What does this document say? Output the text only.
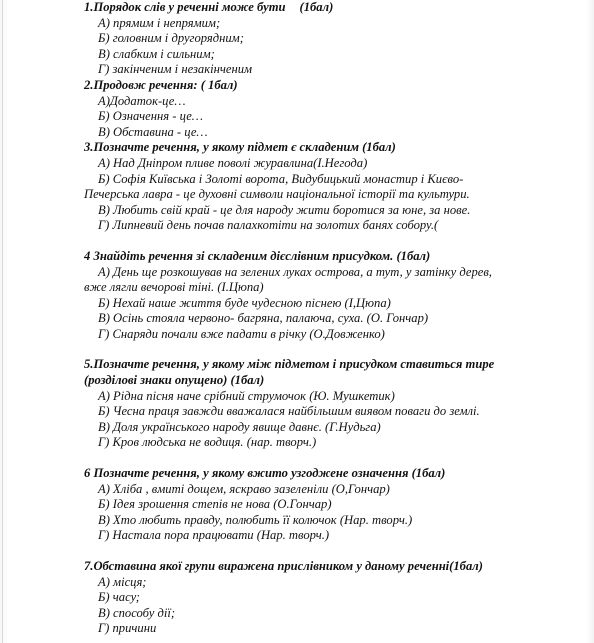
1.Порядок слів у реченні може бути (1бал)
А) прямим і непрямим;
Б) головним і другорядним;
В) слабким і сильним;
Г) закінченим і незакінченим
2.Продовж речення: ( 1бал)
А)Додаток-це…
Б) Означення - це…
В) Обставина - це…
3.Позначте речення, у якому підмет є складеним (1бал)
А) Над Дніпром пливе поволі журавлина(І.Негода)
Б) Софія Київська і Золоті ворота, Видубицький монастир і Києво-
Печерська лавра - це духовні символи національної історії та культури.
В) Любить свій край - це для народу жити боротися за юне, за нове.
Г) Липневий день почав палахкотіти на золотих банях собору.(
4 Знайдіть речення зі складеним дієслівним присудком. (1бал)
А) День ще розкошував на зелених луках острова, а тут, у затінку дерев,
вже лягли вечорові тіні. (І.Цюпа)
Б) Нехай наше життя буде чудесною піснею (І,Цюпа)
В) Осінь стояла червоно- багряна, палаюча, суха. (О. Гончар)
Г) Снаряди почали вже падати в річку (О.Довженко)
5.Позначте речення, у якому між підметом і присудком ставиться тире
(розділові знаки опущено) (1бал)
А) Рідна пісня наче срібний струмочок (Ю. Мушкетик)
Б) Чесна праця завжди вважалася найбільшим виявом поваги до землі.
В) Доля українського народу явище давнє. (Г.Нудьга)
Г) Кров людська не водиця. (нар. творч.)
6 Позначте речення, у якому вжито узгоджене означення (1бал)
А) Хліба , вмиті дощем, яскраво зазеленіли (О,Гончар)
Б) Ідея зрошення степів не нова (О.Гончар)
В) Хто любить правду, полюбить її колючок (Нар. творч.)
Г) Настала пора працювати (Нар. творч.)
7.Обставина якої групи виражена прислівником у даному реченні(1бал)
А) місця;
Б) часу;
В) способу дії;
Г) причини
